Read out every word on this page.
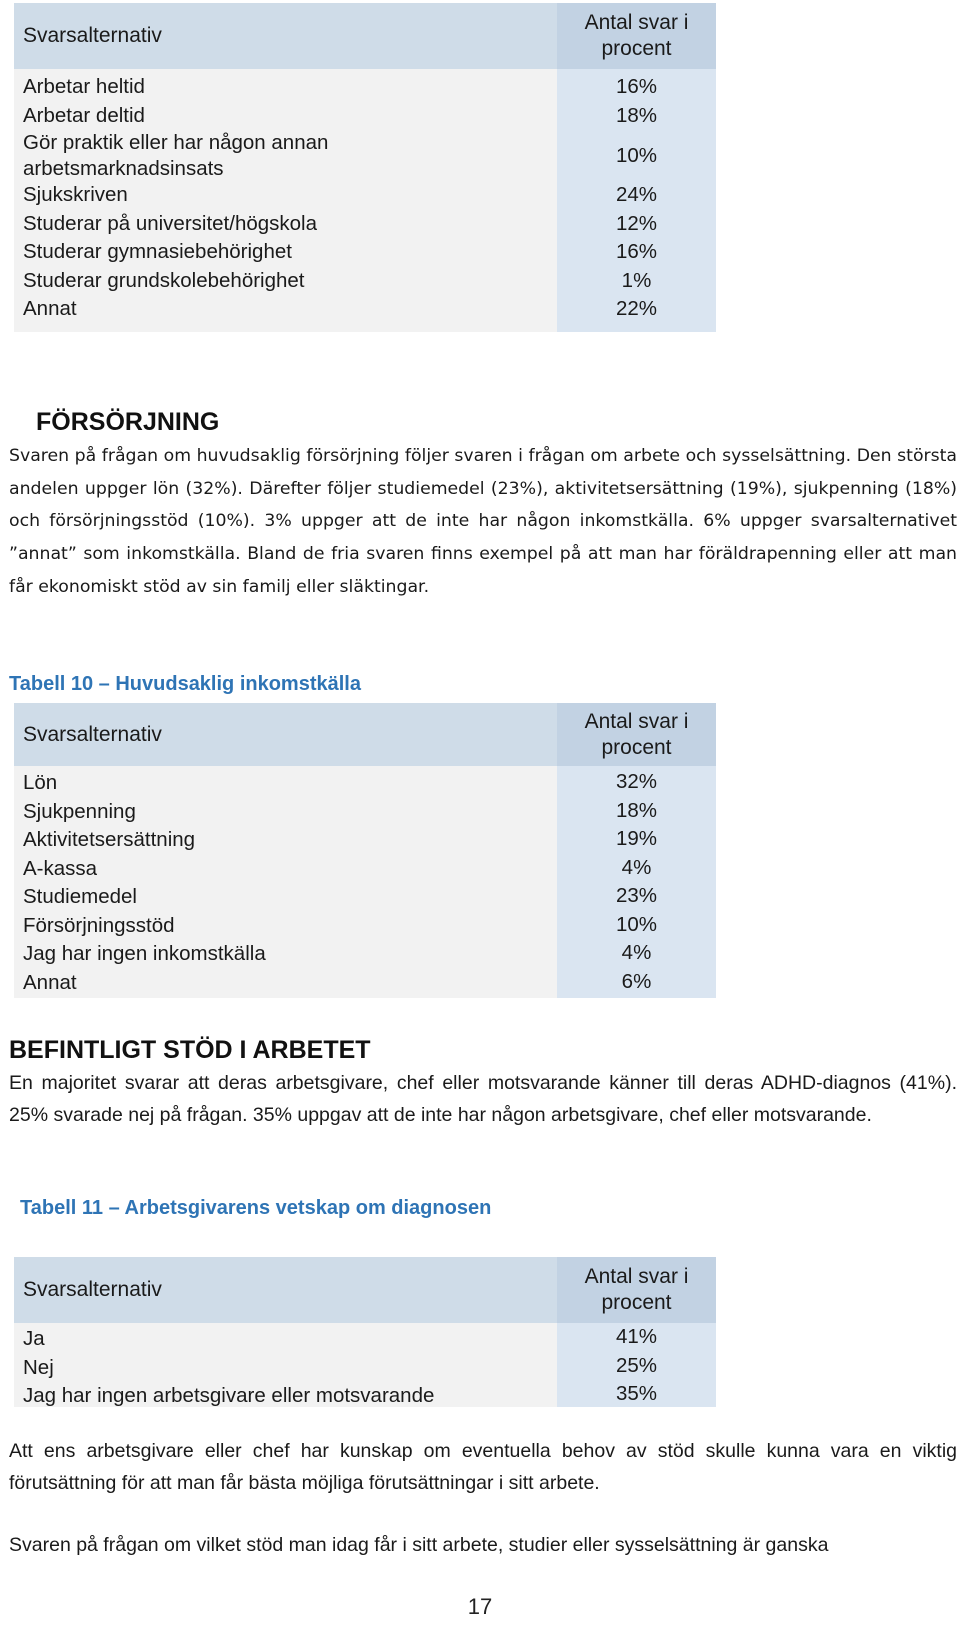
Svarsalternativ
Antal svar i procent
Arbetar heltid
Arbetar deltid
Gör praktik eller har någon annan arbetsmarknadsinsats
Sjukskriven
Studerar på universitet/högskola
Studerar gymnasiebehörighet
Studerar grundskolebehörighet
Annat
16%
18%
10%
24%
12%
16%
1%
22%
FÖRSÖRJNING
Svaren på frågan om huvudsaklig försörjning följer svaren i frågan om arbete och sysselsättning. Den största andelen uppger lön (32%). Därefter följer studiemedel (23%), aktivitetsersättning (19%), sjukpenning (18%) och försörjningsstöd (10%). 3% uppger att de inte har någon inkomstkälla. 6% uppger svarsalternativet ”annat” som inkomstkälla. Bland de fria svaren finns exempel på att man har föräldrapenning eller att man får ekonomiskt stöd av sin familj eller släktingar.
Tabell 10 – Huvudsaklig inkomstkälla
Svarsalternativ
Antal svar i procent
Lön
Sjukpenning
Aktivitetsersättning
A-kassa
Studiemedel
Försörjningsstöd
Jag har ingen inkomstkälla
Annat
32%
18%
19%
4%
23%
10%
4%
6%
BEFINTLIGT STÖD I ARBETET
En majoritet svarar att deras arbetsgivare, chef eller motsvarande känner till deras ADHD-diagnos (41%). 25% svarade nej på frågan. 35% uppgav att de inte har någon arbetsgivare, chef eller motsvarande.
Tabell 11 – Arbetsgivarens vetskap om diagnosen
Svarsalternativ
Antal svar i procent
Ja
Nej
Jag har ingen arbetsgivare eller motsvarande
41%
25%
35%
Att ens arbetsgivare eller chef har kunskap om eventuella behov av stöd skulle kunna vara en viktig förutsättning för att man får bästa möjliga förutsättningar i sitt arbete.
Svaren på frågan om vilket stöd man idag får i sitt arbete, studier eller sysselsättning är ganska
17
